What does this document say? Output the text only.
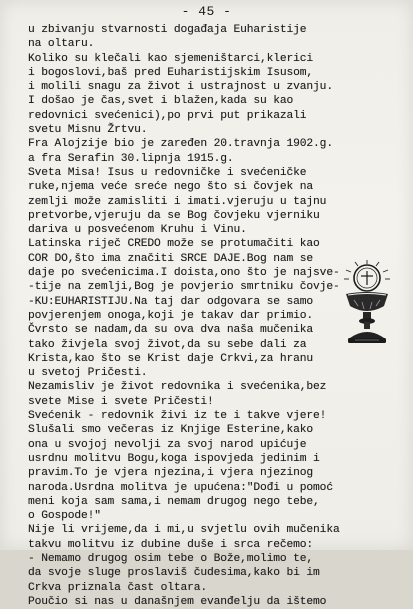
- 45 -
u zbivanju stvarnosti događaja Euharistije
na oltaru.
Koliko su klečali kao sjemeništarci,klerici
i bogoslovi,baš pred Euharistijskim Isusom,
i molili snagu za život i ustrajnost u zvanju.
I došao je čas,svet i blažen,kada su kao
redovnici svećenici),po prvi put prikazali
svetu Misnu Žrtvu.
Fra Alojzije bio je zaređen 20.travnja 1902.g.
a fra Serafin 30.lipnja 1915.g.
Sveta Misa! Isus u redovničke i svećeničke
ruke,njema veće sreće nego što si čovjek na
zemlji može zamisliti i imati.vjeruju u tajnu
pretvorbe,vjeruju da se Bog čovjeku vjerniku
dariva u posvećenom Kruhu i Vinu.
Latinska riječ CREDO može se protumačiti kao
COR DO,što ima značiti SRCE DAJE.Bog nam se
daje po svećenicima.I doista,ono što je najsve-
-tije na zemlji,Bog je povjerio smrtniku čovje-
-KU:EUHARISTIJU.Na taj dar odgovara se samo
povjerenjem onoga,koji je takav dar primio.
Čvrsto se nadam,da su ova dva naša mučenika
tako živjela svoj život,da su sebe dali za
Krista,kao što se Krist daje Crkvi,za hranu
u svetoj Pričesti.
Nezamisliv je život redovnika i svećenika,bez
svete Mise i svete Pričesti!
Svećenik - redovnik živi iz te i takve vjere!
Slušali smo večeras iz Knjige Esterine,kako
ona u svojoj nevolji za svoj narod upićuje
usrdnu molitvu Bogu,koga ispovjeda jedinim i
pravim.To je vjera njezina,i vjera njezinog
naroda.Usrdna molitva je upućena:"Dođi u pomoć
meni koja sam sama,i nemam drugog nego tebe,
o Gospode!"
Nije li vrijeme,da i mi,u svjetlu ovih mučenika
takvu molitvu iz dubine duše i srca rečemo:
- Nemamo drugog osim tebe o Bože,molimo te,
da svoje sluge proslaviš čudesima,kako bi im
Crkva priznala čast oltara.
Poučio si nas u današnjem evanđelju da ištemo
